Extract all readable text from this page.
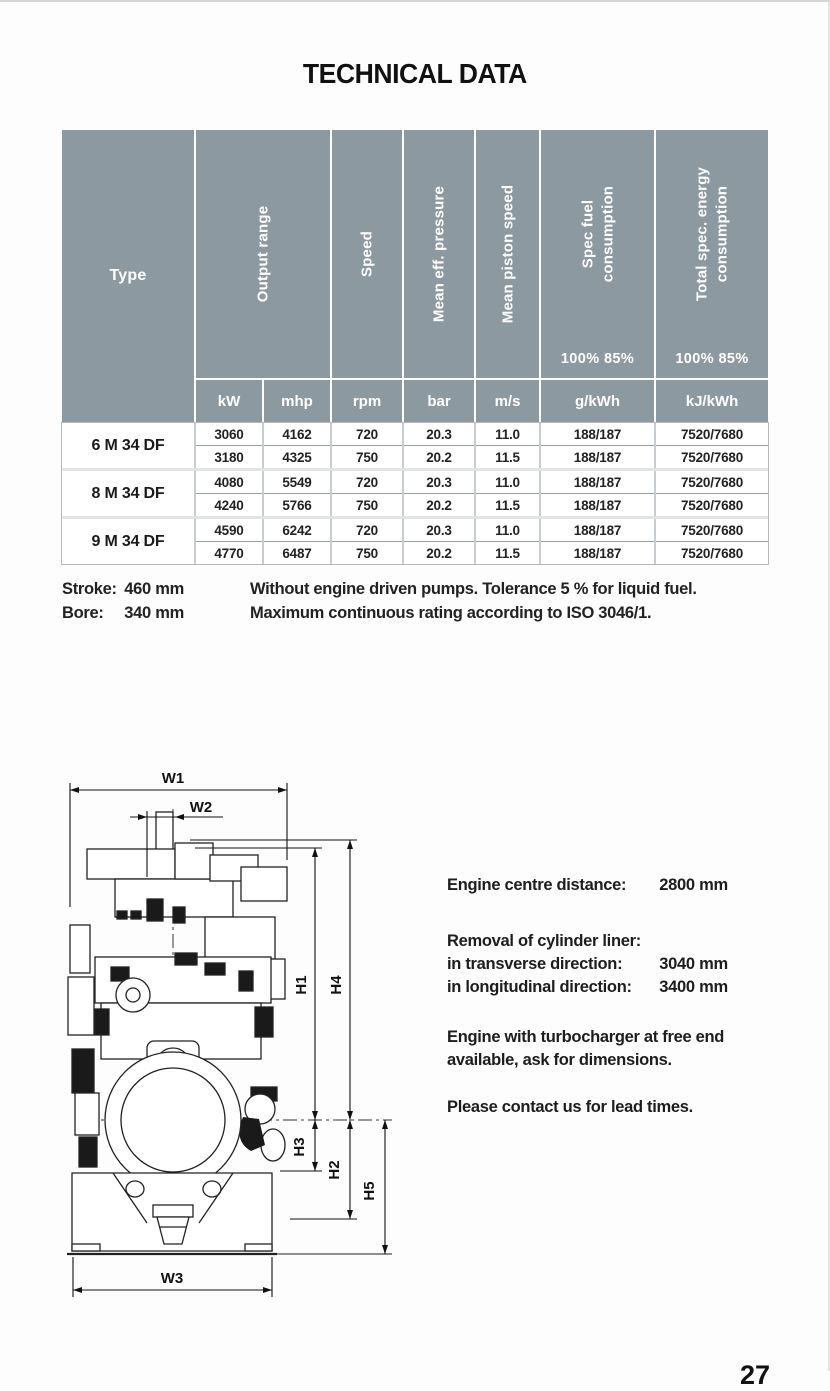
TECHNICAL DATA
Type	Output range	Speed	Mean eff. pressure	Mean piston speed	Spec fuel consumption
100% 85%
Total spec. energy consumption
100% 85%
kW	mhp	rpm	bar	m/s	g/kWh	kJ/kWh
6 M 34 DF
3060	4162	720	20.3	11.0	188/187	7520/7680
3180	4325	750	20.2	11.5	188/187	7520/7680
8 M 34 DF
4080	5549	720	20.3	11.0	188/187	7520/7680
4240	5766	750	20.2	11.5	188/187	7520/7680
9 M 34 DF
4590	6242	720	20.3	11.0	188/187	7520/7680
4770	6487	750	20.2	11.5	188/187	7520/7680
Stroke: 460 mm
Bore: 340 mm
Without engine driven pumps. Tolerance 5 % for liquid fuel.
Maximum continuous rating according to ISO 3046/1.
W1
W2
W3
H1 H4
H3
H2
H5
Engine centre distance: 2800 mm
Removal of cylinder liner:
in transverse direction: 3040 mm
in longitudinal direction: 3400 mm
Engine with turbocharger at free end
available, ask for dimensions.
Please contact us for lead times.
27
